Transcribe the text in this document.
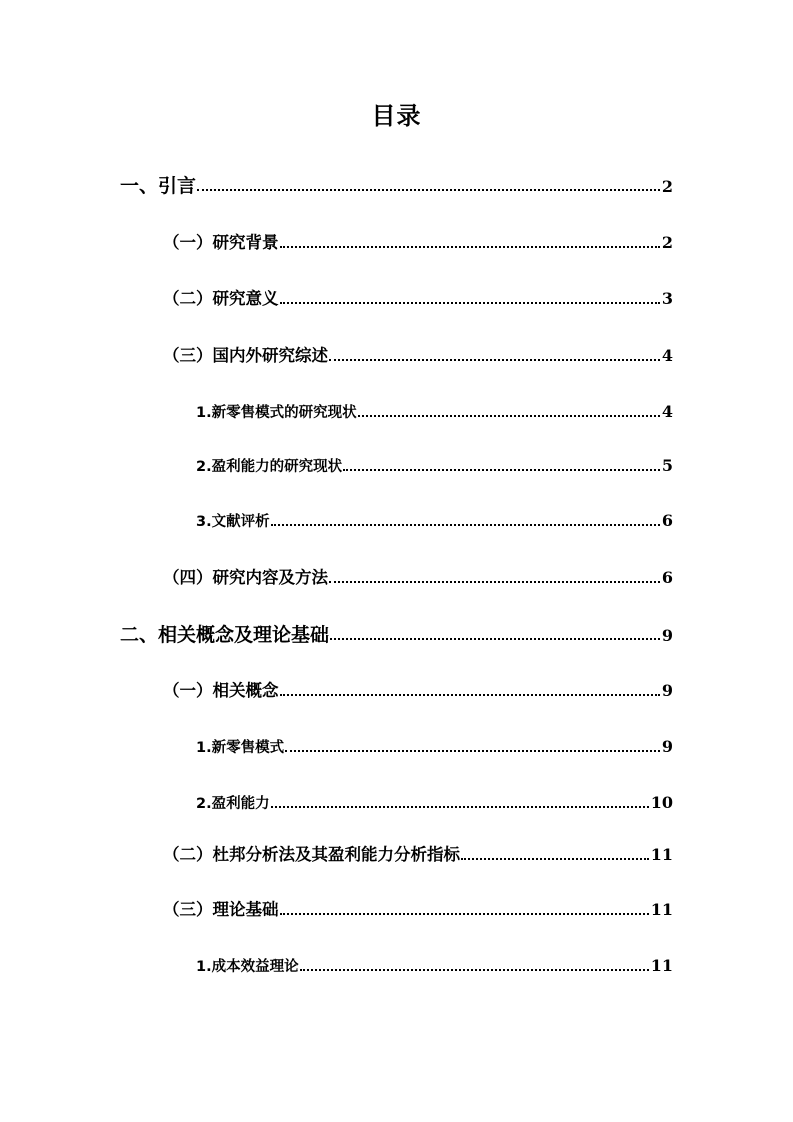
目录
一、引言	2
（一）研究背景	2
（二）研究意义	3
（三）国内外研究综述	4
1.新零售模式的研究现状	4
2.盈利能力的研究现状	5
3.文献评析	6
（四）研究内容及方法	6
二、相关概念及理论基础	9
（一）相关概念	9
1.新零售模式	9
2.盈利能力	10
（二）杜邦分析法及其盈利能力分析指标	11
（三）理论基础	11
1.成本效益理论	11
